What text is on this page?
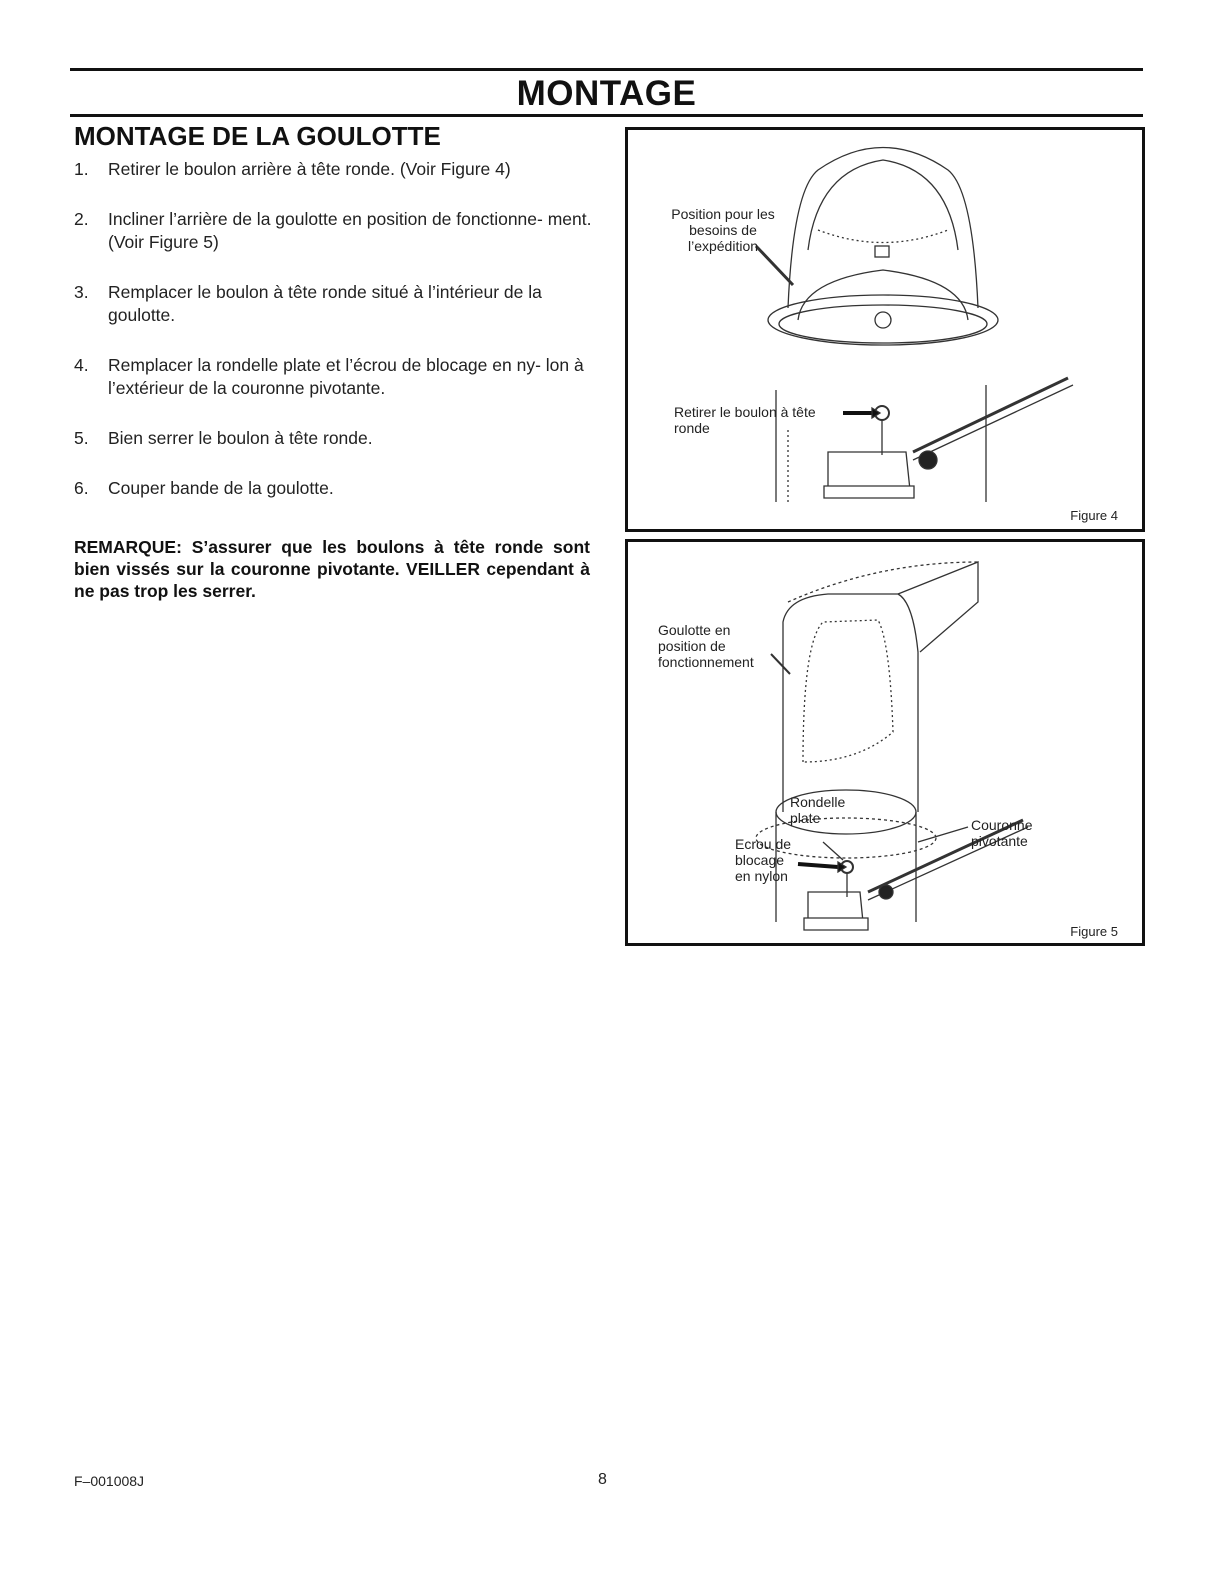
MONTAGE
MONTAGE DE LA GOULOTTE
1. Retirer le boulon arrière à tête ronde. (Voir Figure 4)
2. Incliner l’arrière de la goulotte en position de fonctionne- ment. (Voir Figure 5)
3. Remplacer le boulon à tête ronde situé à l’intérieur de la goulotte.
4. Remplacer la rondelle plate et l’écrou de blocage en ny- lon à l’extérieur de la couronne pivotante.
5. Bien serrer le boulon à tête ronde.
6. Couper bande de la goulotte.
REMARQUE: S’assurer que les boulons à tête ronde sont bien vissés sur la couronne pivotante. VEILLER cependant à ne pas trop les serrer.
Position pour les besoins de l’expédition
Retirer le boulon à tête ronde
Figure 4
Goulotte en position de fonctionnement
Rondelle plate	Couronne pivotante
Ecrou de blocage en nylon
Figure 5
F–001008J	8
